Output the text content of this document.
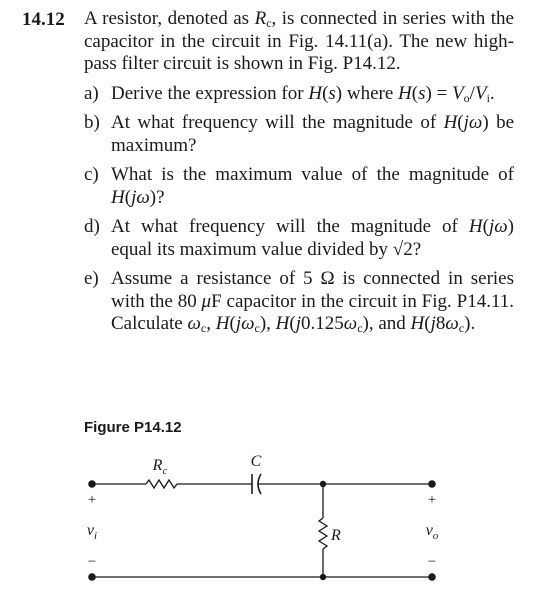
14.12 A resistor, denoted as $R_c$, is connected in series with the capacitor in the circuit in Fig. 14.11(a). The new high-pass filter circuit is shown in Fig. P14.12.
a) Derive the expression for H(s) where $H(s) = V_o/V_i$.
b) At what frequency will the magnitude of H(jω) be maximum?
c) What is the maximum value of the magnitude of H(jω)?
d) At what frequency will the magnitude of H(jω) equal its maximum value divided by √2?
e) Assume a resistance of 5 Ω is connected in series with the 80 μF capacitor in the circuit in Fig. P14.11. Calculate $\omega_c$, $H(j\omega_c)$, $H(j0.125\omega_c)$, and $H(j8\omega_c)$.
Figure P14.12
$R_c$
C
R
$v_i$	$v_o$
+
−
+
−
